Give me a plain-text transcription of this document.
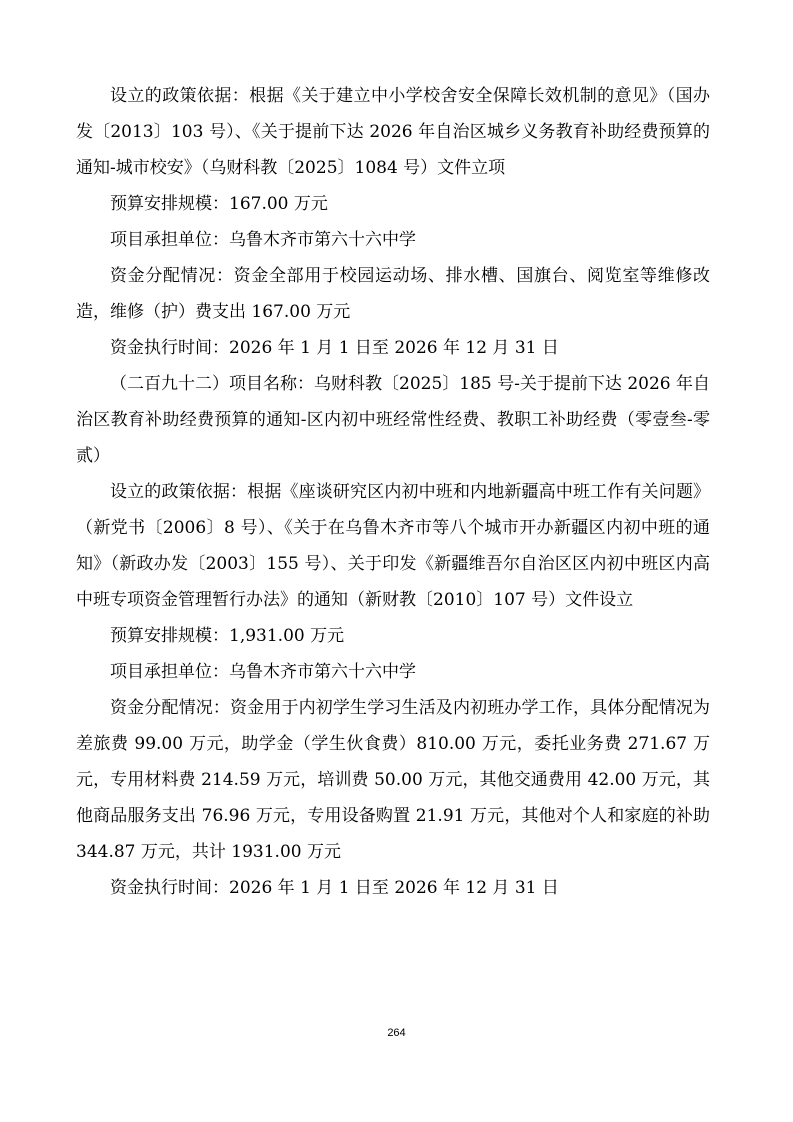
设立的政策依据：根据《关于建立中小学校舍安全保障长效机制的意见》（国办发〔2013〕103 号）、《关于提前下达 2026 年自治区城乡义务教育补助经费预算的通知-城市校安》（乌财科教〔2025〕1084 号）文件立项

预算安排规模：167.00 万元

项目承担单位：乌鲁木齐市第六十六中学

资金分配情况：资金全部用于校园运动场、排水槽、国旗台、阅览室等维修改造，维修（护）费支出 167.00 万元

资金执行时间：2026 年 1 月 1 日至 2026 年 12 月 31 日

（二百九十二）项目名称：乌财科教〔2025〕185 号-关于提前下达 2026 年自治区教育补助经费预算的通知-区内初中班经常性经费、教职工补助经费（零壹叁-零贰）

设立的政策依据：根据《座谈研究区内初中班和内地新疆高中班工作有关问题》（新党书〔2006〕8 号）、《关于在乌鲁木齐市等八个城市开办新疆区内初中班的通知》（新政办发〔2003〕155 号）、关于印发《新疆维吾尔自治区区内初中班区内高中班专项资金管理暂行办法》的通知（新财教〔2010〕107 号）文件设立

预算安排规模：1,931.00 万元

项目承担单位：乌鲁木齐市第六十六中学

资金分配情况：资金用于内初学生学习生活及内初班办学工作，具体分配情况为差旅费 99.00 万元，助学金（学生伙食费）810.00 万元，委托业务费 271.67 万元，专用材料费 214.59 万元，培训费 50.00 万元，其他交通费用 42.00 万元，其他商品服务支出 76.96 万元，专用设备购置 21.91 万元，其他对个人和家庭的补助 344.87 万元，共计 1931.00 万元

资金执行时间：2026 年 1 月 1 日至 2026 年 12 月 31 日

264
